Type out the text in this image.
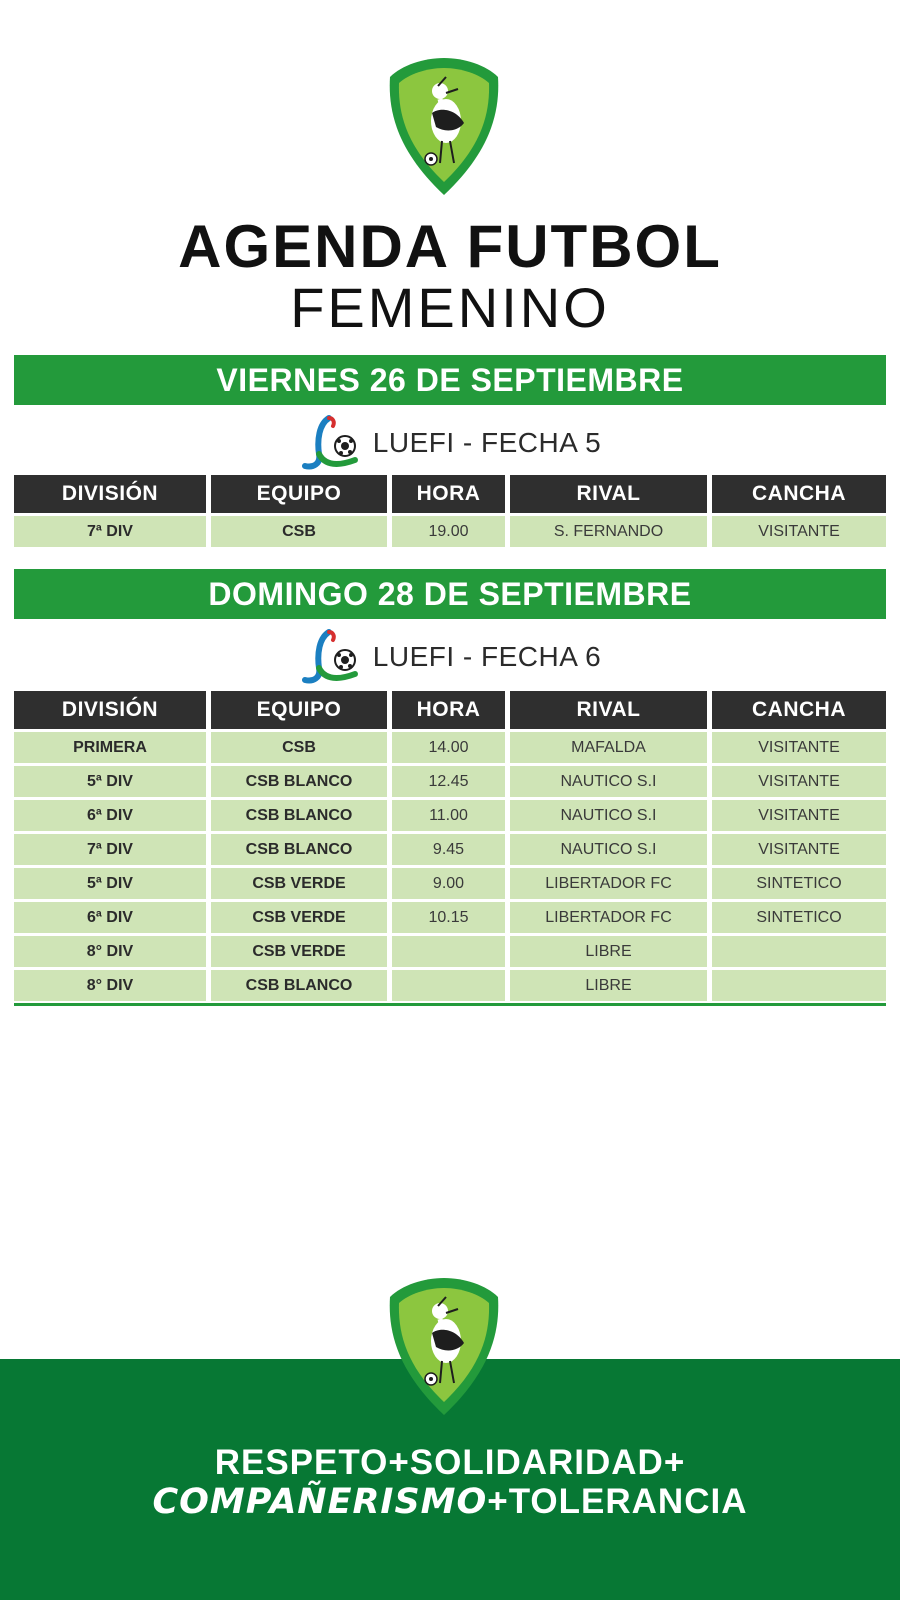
AGENDA FUTBOL
FEMENINO
VIERNES 26 DE SEPTIEMBRE
LUEFI - FECHA 5
DIVISIÓN	EQUIPO	HORA	RIVAL	CANCHA
7ª DIV	CSB	19.00	S. FERNANDO	VISITANTE
DOMINGO 28 DE SEPTIEMBRE
LUEFI - FECHA 6
DIVISIÓN	EQUIPO	HORA	RIVAL	CANCHA
PRIMERA	CSB	14.00	MAFALDA	VISITANTE
5ª DIV	CSB BLANCO	12.45	NAUTICO S.I	VISITANTE
6ª DIV	CSB BLANCO	11.00	NAUTICO S.I	VISITANTE
7ª DIV	CSB BLANCO	9.45	NAUTICO S.I	VISITANTE
5ª DIV	CSB VERDE	9.00	LIBERTADOR FC	SINTETICO
6ª DIV	CSB VERDE	10.15	LIBERTADOR FC	SINTETICO
8° DIV	CSB VERDE		LIBRE	
8° DIV	CSB BLANCO		LIBRE	
RESPETO+SOLIDARIDAD+
COMPAÑERISMO+TOLERANCIA
